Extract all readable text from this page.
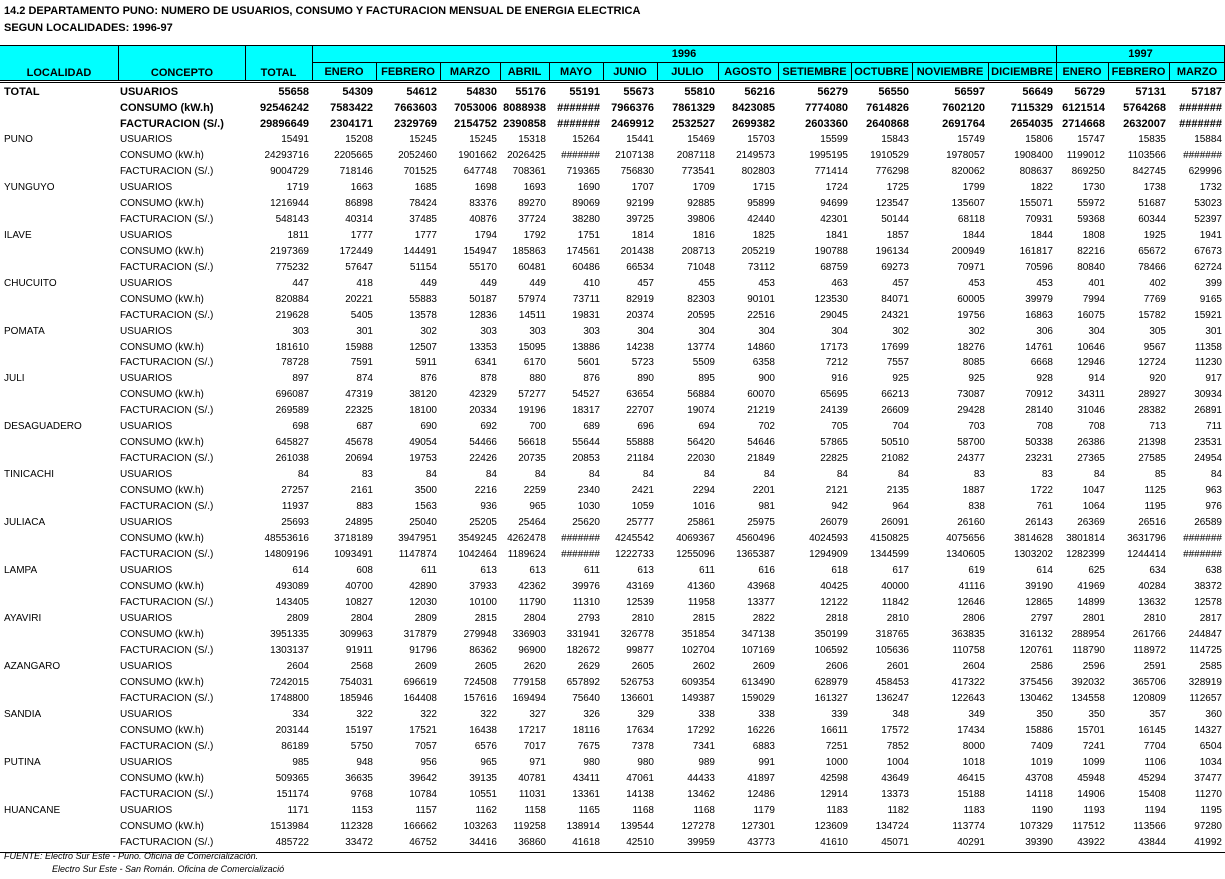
14.2 DEPARTAMENTO PUNO: NUMERO DE USUARIOS, CONSUMO Y FACTURACION MENSUAL DE ENERGIA ELECTRICA
SEGUN LOCALIDADES: 1996-97
LOCALIDAD	CONCEPTO	TOTAL
1996	1997
ENERO	FEBRERO	MARZO	ABRIL	MAYO	JUNIO	JULIO	AGOSTO SETIEMBRE OCTUBRE NOVIEMBRE DICIEMBRE ENERO FEBRERO	MARZO
TOTAL	USUARIOS	55658	54309	54612	54830	55176	55191	55673	55810	56216	56279	56550	56597	56649	56729	57131	57187
CONSUMO (kW.h)	92546242	7583422	7663603	7053006 8088938	#######	7966376	7861329	8423085	7774080	7614826	7602120	7115329 6121514	5764268	#######
FACTURACION (S/.)	29896649	2304171	2329769	2154752 2390858	#######	2469912	2532527	2699382	2603360	2640868	2691764	2654035 2714668	2632007	#######
PUNO	USUARIOS	15491	15208	15245	15245	15318	15264	15441	15469	15703	15599	15843	15749	15806	15747	15835	15884
CONSUMO (kW.h)	24293716	2205665	2052460	1901662	2026425	#######	2107138	2087118	2149573	1995195	1910529	1978057	1908400	1199012	1103566	#######
FACTURACION (S/.)	9004729	718146	701525	647748	708361	719365	756830	773541	802803	771414	776298	820062	808637	869250	842745	629996
YUNGUYO	USUARIOS	1719	1663	1685	1698	1693	1690	1707	1709	1715	1724	1725	1799	1822	1730	1738	1732
CONSUMO (kW.h)	1216944	86898	78424	83376	89270	89069	92199	92885	95899	94699	123547	135607	155071	55972	51687	53023
FACTURACION (S/.)	548143	40314	37485	40876	37724	38280	39725	39806	42440	42301	50144	68118	70931	59368	60344	52397
ILAVE	USUARIOS	1811	1777	1777	1794	1792	1751	1814	1816	1825	1841	1857	1844	1844	1808	1925	1941
CONSUMO (kW.h)	2197369	172449	144491	154947	185863	174561	201438	208713	205219	190788	196134	200949	161817	82216	65672	67673
FACTURACION (S/.)	775232	57647	51154	55170	60481	60486	66534	71048	73112	68759	69273	70971	70596	80840	78466	62724
CHUCUITO	USUARIOS	447	418	449	449	449	410	457	455	453	463	457	453	453	401	402	399
CONSUMO (kW.h)	820884	20221	55883	50187	57974	73711	82919	82303	90101	123530	84071	60005	39979	7994	7769	9165
FACTURACION (S/.)	219628	5405	13578	12836	14511	19831	20374	20595	22516	29045	24321	19756	16863	16075	15782	15921
POMATA	USUARIOS	303	301	302	303	303	303	304	304	304	304	302	302	306	304	305	301
CONSUMO (kW.h)	181610	15988	12507	13353	15095	13886	14238	13774	14860	17173	17699	18276	14761	10646	9567	11358
FACTURACION (S/.)	78728	7591	5911	6341	6170	5601	5723	5509	6358	7212	7557	8085	6668	12946	12724	11230
JULI	USUARIOS	897	874	876	878	880	876	890	895	900	916	925	925	928	914	920	917
CONSUMO (kW.h)	696087	47319	38120	42329	57277	54527	63654	56884	60070	65695	66213	73087	70912	34311	28927	30934
FACTURACION (S/.)	269589	22325	18100	20334	19196	18317	22707	19074	21219	24139	26609	29428	28140	31046	28382	26891
DESAGUADERO	USUARIOS	698	687	690	692	700	689	696	694	702	705	704	703	708	708	713	711
CONSUMO (kW.h)	645827	45678	49054	54466	56618	55644	55888	56420	54646	57865	50510	58700	50338	26386	21398	23531
FACTURACION (S/.)	261038	20694	19753	22426	20735	20853	21184	22030	21849	22825	21082	24377	23231	27365	27585	24954
TINICACHI	USUARIOS	84	83	84	84	84	84	84	84	84	84	84	83	83	84	85	84
CONSUMO (kW.h)	27257	2161	3500	2216	2259	2340	2421	2294	2201	2121	2135	1887	1722	1047	1125	963
FACTURACION (S/.)	11937	883	1563	936	965	1030	1059	1016	981	942	964	838	761	1064	1195	976
JULIACA	USUARIOS	25693	24895	25040	25205	25464	25620	25777	25861	25975	26079	26091	26160	26143	26369	26516	26589
CONSUMO (kW.h)	48553616	3718189	3947951	3549245	4262478	#######	4245542	4069367	4560496	4024593	4150825	4075656	3814628	3801814	3631796	#######
FACTURACION (S/.)	14809196	1093491	1147874	1042464	1189624	#######	1222733	1255096	1365387	1294909	1344599	1340605	1303202	1282399	1244414	#######
LAMPA	USUARIOS	614	608	611	613	613	611	613	611	616	618	617	619	614	625	634	638
CONSUMO (kW.h)	493089	40700	42890	37933	42362	39976	43169	41360	43968	40425	40000	41116	39190	41969	40284	38372
FACTURACION (S/.)	143405	10827	12030	10100	11790	11310	12539	11958	13377	12122	11842	12646	12865	14899	13632	12578
AYAVIRI	USUARIOS	2809	2804	2809	2815	2804	2793	2810	2815	2822	2818	2810	2806	2797	2801	2810	2817
CONSUMO (kW.h)	3951335	309963	317879	279948	336903	331941	326778	351854	347138	350199	318765	363835	316132	288954	261766	244847
FACTURACION (S/.)	1303137	91911	91796	86362	96900	182672	99877	102704	107169	106592	105636	110758	120761	118790	118972	114725
AZANGARO	USUARIOS	2604	2568	2609	2605	2620	2629	2605	2602	2609	2606	2601	2604	2586	2596	2591	2585
CONSUMO (kW.h)	7242015	754031	696619	724508	779158	657892	526753	609354	613490	628979	458453	417322	375456	392032	365706	328919
FACTURACION (S/.)	1748800	185946	164408	157616	169494	75640	136601	149387	159029	161327	136247	122643	130462	134558	120809	112657
SANDIA	USUARIOS	334	322	322	322	327	326	329	338	338	339	348	349	350	350	357	360
CONSUMO (kW.h)	203144	15197	17521	16438	17217	18116	17634	17292	16226	16611	17572	17434	15886	15701	16145	14327
FACTURACION (S/.)	86189	5750	7057	6576	7017	7675	7378	7341	6883	7251	7852	8000	7409	7241	7704	6504
PUTINA	USUARIOS	985	948	956	965	971	980	980	989	991	1000	1004	1018	1019	1099	1106	1034
CONSUMO (kW.h)	509365	36635	39642	39135	40781	43411	47061	44433	41897	42598	43649	46415	43708	45948	45294	37477
FACTURACION (S/.)	151174	9768	10784	10551	11031	13361	14138	13462	12486	12914	13373	15188	14118	14906	15408	11270
HUANCANE	USUARIOS	1171	1153	1157	1162	1158	1165	1168	1168	1179	1183	1182	1183	1190	1193	1194	1195
CONSUMO (kW.h)	1513984	112328	166662	103263	119258	138914	139544	127278	127301	123609	134724	113774	107329	117512	113566	97280
FACTURACION (S/.)	485722	33472	46752	34416	36860	41618	42510	39959	43773	41610	45071	40291	39390	43922	43844	41992
FUENTE: Electro Sur Este - Puno. Oficina de Comercialización.
Electro Sur Este - San Román. Oficina de Comercializació
